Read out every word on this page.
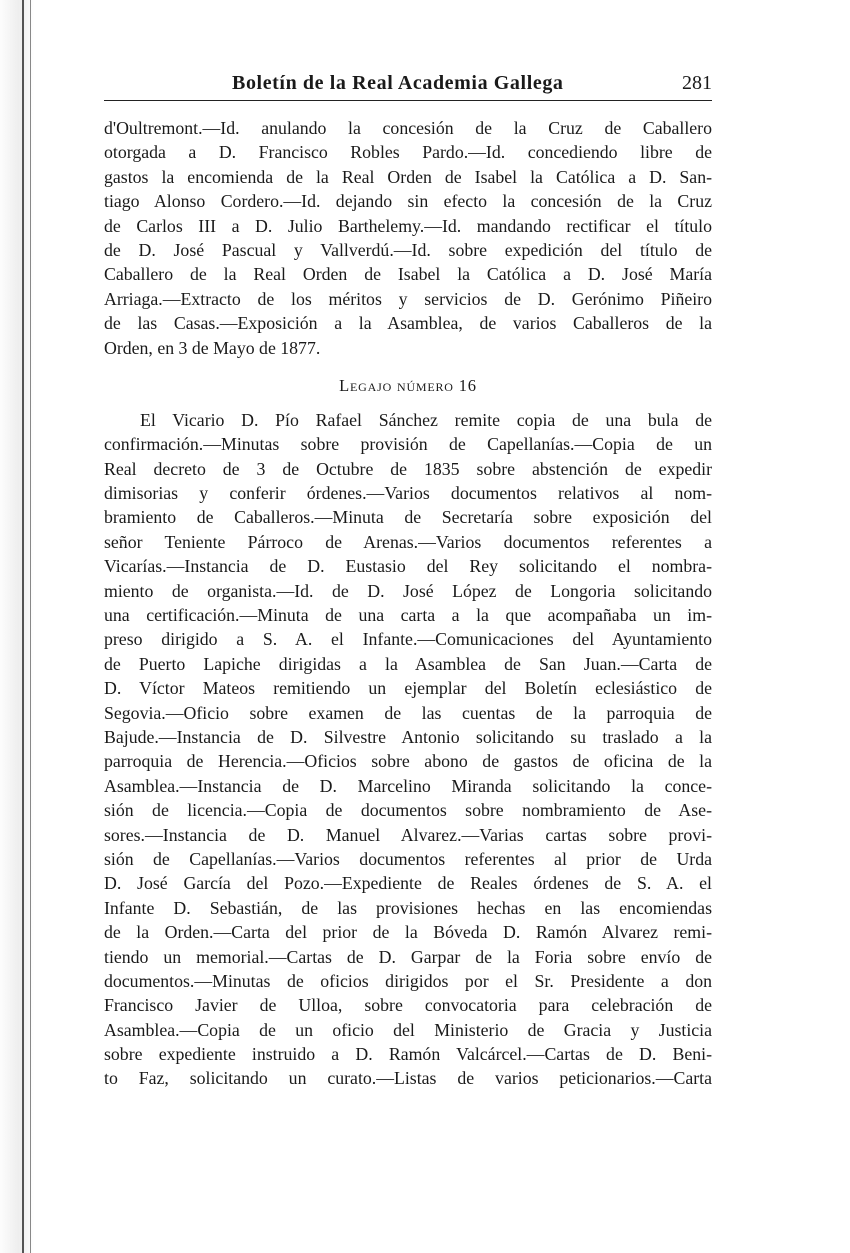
Boletín de la Real Academia Gallega	281
d'Oultremont.—Id. anulando la concesión de la Cruz de Caballero
otorgada a D. Francisco Robles Pardo.—Id. concediendo libre de
gastos la encomienda de la Real Orden de Isabel la Católica a D. San-
tiago Alonso Cordero.—Id. dejando sin efecto la concesión de la Cruz
de Carlos III a D. Julio Barthelemy.—Id. mandando rectificar el título
de D. José Pascual y Vallverdú.—Id. sobre expedición del título de
Caballero de la Real Orden de Isabel la Católica a D. José María
Arriaga.—Extracto de los méritos y servicios de D. Gerónimo Piñeiro
de las Casas.—Exposición a la Asamblea, de varios Caballeros de la
Orden, en 3 de Mayo de 1877.
Legajo número 16
El Vicario D. Pío Rafael Sánchez remite copia de una bula de
confirmación.—Minutas sobre provisión de Capellanías.—Copia de un
Real decreto de 3 de Octubre de 1835 sobre abstención de expedir
dimisorias y conferir órdenes.—Varios documentos relativos al nom-
bramiento de Caballeros.—Minuta de Secretaría sobre exposición del
señor Teniente Párroco de Arenas.—Varios documentos referentes a
Vicarías.—Instancia de D. Eustasio del Rey solicitando el nombra-
miento de organista.—Id. de D. José López de Longoria solicitando
una certificación.—Minuta de una carta a la que acompañaba un im-
preso dirigido a S. A. el Infante.—Comunicaciones del Ayuntamiento
de Puerto Lapiche dirigidas a la Asamblea de San Juan.—Carta de
D. Víctor Mateos remitiendo un ejemplar del Boletín eclesiástico de
Segovia.—Oficio sobre examen de las cuentas de la parroquia de
Bajude.—Instancia de D. Silvestre Antonio solicitando su traslado a la
parroquia de Herencia.—Oficios sobre abono de gastos de oficina de la
Asamblea.—Instancia de D. Marcelino Miranda solicitando la conce-
sión de licencia.—Copia de documentos sobre nombramiento de Ase-
sores.—Instancia de D. Manuel Alvarez.—Varias cartas sobre provi-
sión de Capellanías.—Varios documentos referentes al prior de Urda
D. José García del Pozo.—Expediente de Reales órdenes de S. A. el
Infante D. Sebastián, de las provisiones hechas en las encomiendas
de la Orden.—Carta del prior de la Bóveda D. Ramón Alvarez remi-
tiendo un memorial.—Cartas de D. Garpar de la Foria sobre envío de
documentos.—Minutas de oficios dirigidos por el Sr. Presidente a don
Francisco Javier de Ulloa, sobre convocatoria para celebración de
Asamblea.—Copia de un oficio del Ministerio de Gracia y Justicia
sobre expediente instruido a D. Ramón Valcárcel.—Cartas de D. Beni-
to Faz, solicitando un curato.—Listas de varios peticionarios.—Carta
